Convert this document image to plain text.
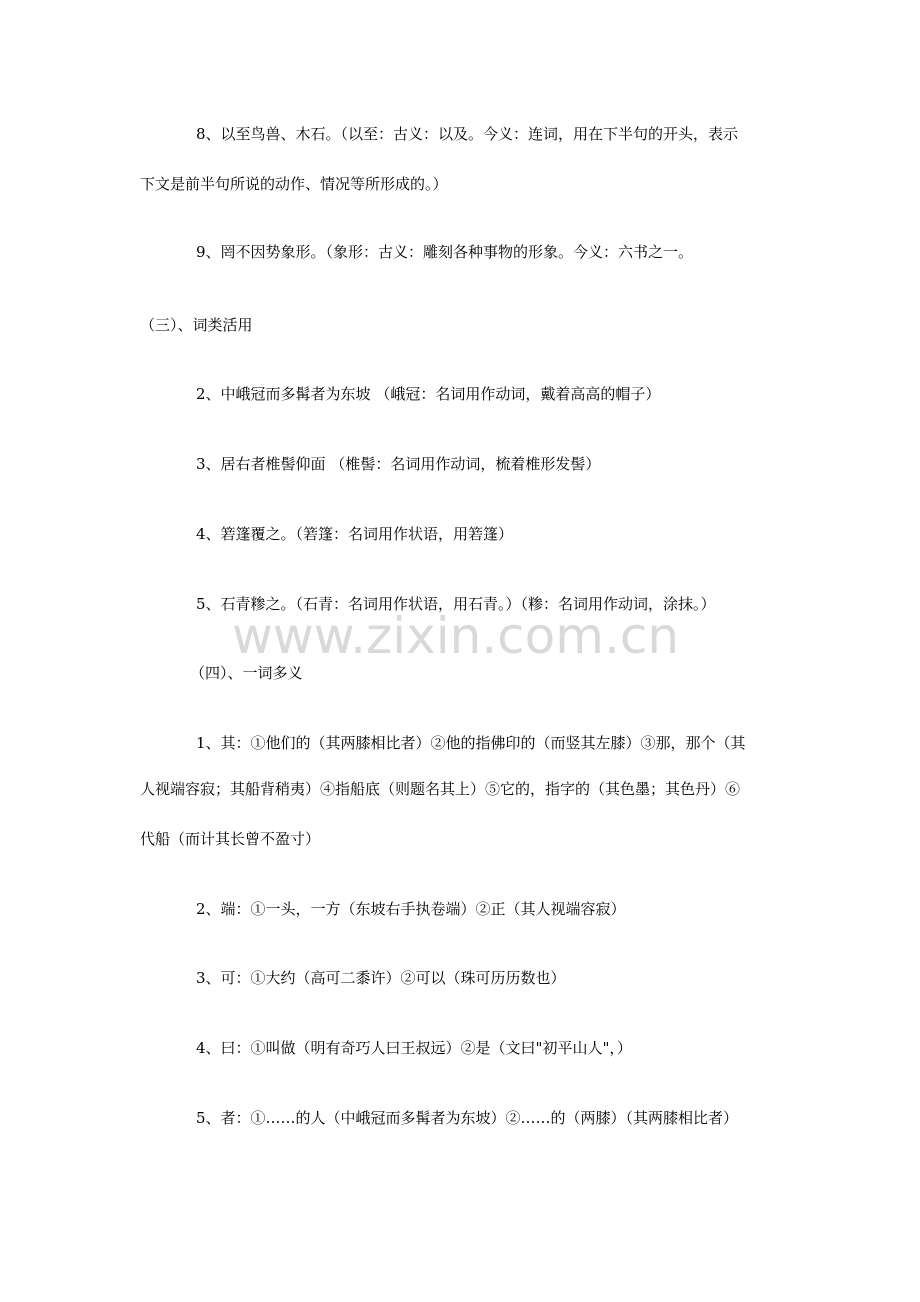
8、以至鸟兽、木石。（以至：古义：以及。今义：连词，用在下半句的开头，表示
下文是前半句所说的动作、情况等所形成的。）
9、罔不因势象形。（象形：古义：雕刻各种事物的形象。今义：六书之一。
（三）、词类活用
2、中峨冠而多髯者为东坡 （峨冠：名词用作动词，戴着高高的帽子）
3、居右者椎髻仰面 （椎髻：名词用作动词，梳着椎形发髻）
4、箬篷覆之。（箬篷：名词用作状语，用箬篷）
5、石青糁之。（石青：名词用作状语，用石青。）（糁：名词用作动词，涂抹。）
www.zixin.com.cn
（四）、一词多义
1、其：①他们的（其两膝相比者）②他的指佛印的（而竖其左膝）③那，那个（其
人视端容寂；其船背稍夷）④指船底（则题名其上）⑤它的，指字的（其色墨；其色丹）⑥
代船（而计其长曾不盈寸）
2、端：①一头，一方（东坡右手执卷端）②正（其人视端容寂）
3、可：①大约（高可二黍许）②可以（珠可历历数也）
4、曰：①叫做（明有奇巧人曰王叔远）②是（文曰"初平山人"，）
5、者：①……的人（中峨冠而多髯者为东坡）②……的（两膝）（其两膝相比者）
